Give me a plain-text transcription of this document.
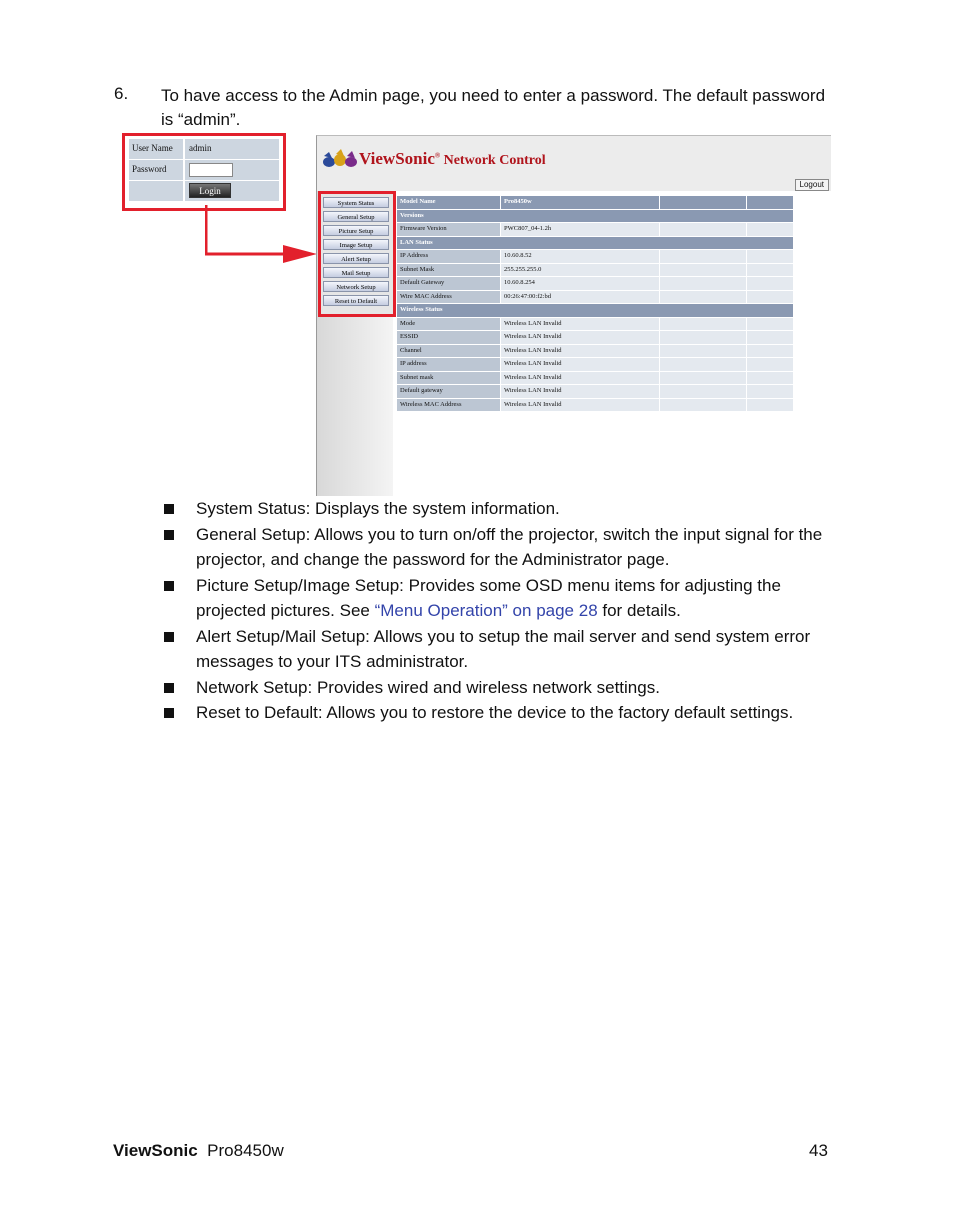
6. To have access to the Admin page, you need to enter a password. The default password is “admin”.
User Name	admin
Password
Login
ViewSonic® Network Control
Logout
System Status
General Setup
Picture Setup
Image Setup
Alert Setup
Mail Setup
Network Setup
Reset to Default
Model Name	Pro8450w
Versions
Firmware Version	PWC807_04-1.2h
LAN Status
IP Address	10.60.8.52
Subnet Mask	255.255.255.0
Default Gateway	10.60.8.254
Wire MAC Address	00:26:47:00:f2:bd
Wireless Status
Mode	Wireless LAN Invalid
ESSID	Wireless LAN Invalid
Channel	Wireless LAN Invalid
IP address	Wireless LAN Invalid
Subnet mask	Wireless LAN Invalid
Default gateway	Wireless LAN Invalid
Wireless MAC Address	Wireless LAN Invalid
System Status: Displays the system information.
General Setup: Allows you to turn on/off the projector, switch the input signal for the projector, and change the password for the Administrator page.
Picture Setup/Image Setup: Provides some OSD menu items for adjusting the projected pictures. See “Menu Operation” on page 28 for details.
Alert Setup/Mail Setup: Allows you to setup the mail server and send system error messages to your ITS administrator.
Network Setup: Provides wired and wireless network settings.
Reset to Default: Allows you to restore the device to the factory default settings.
ViewSonic Pro8450w	43
